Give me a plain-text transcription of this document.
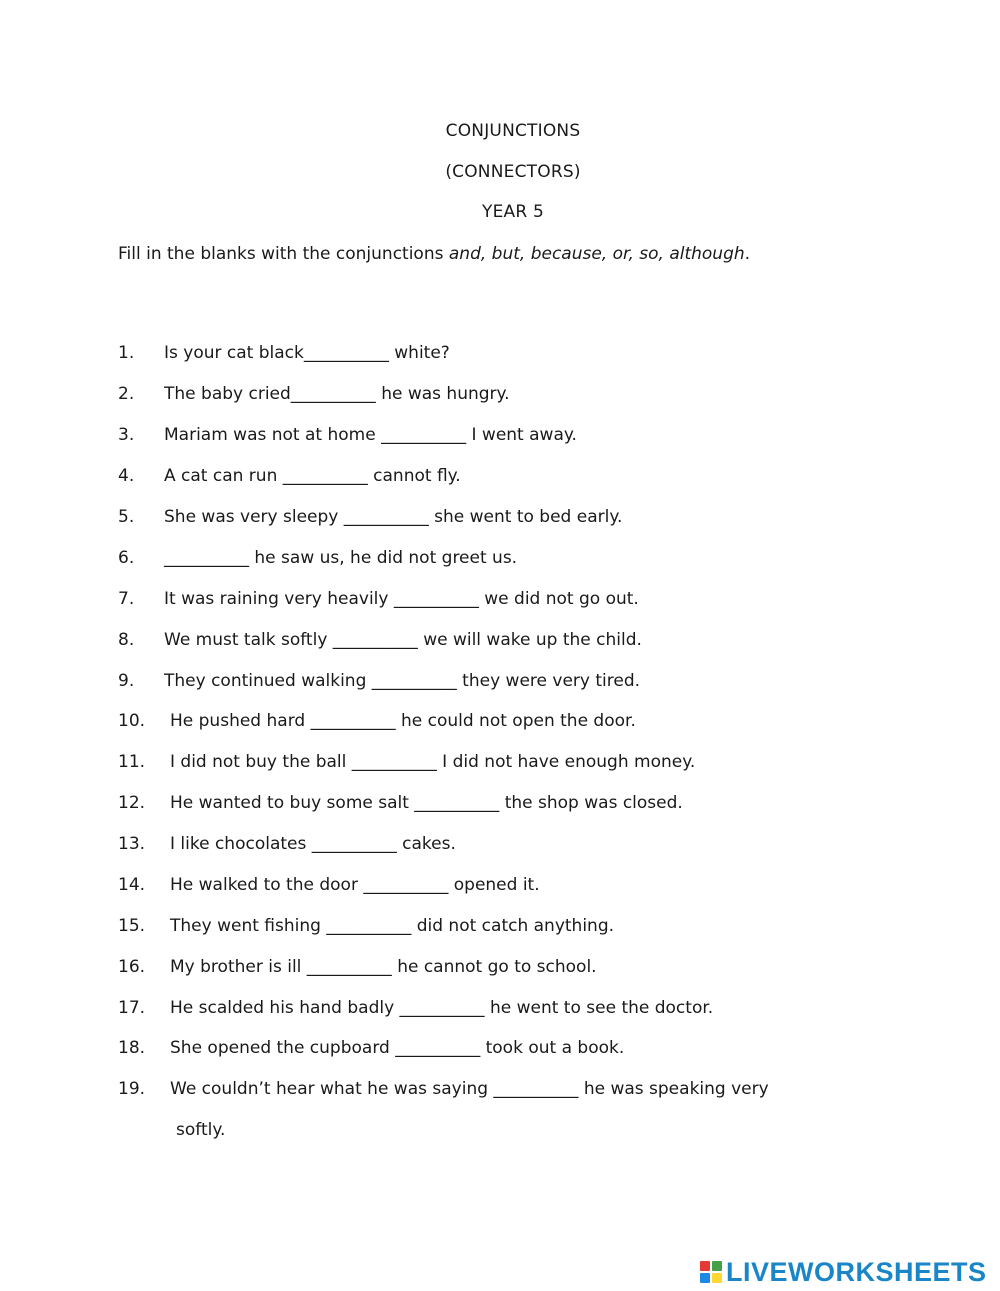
CONJUNCTIONS
(CONNECTORS)
YEAR 5
Fill in the blanks with the conjunctions and, but, because, or, so, although.
1. Is your cat black__________ white?
2. The baby cried__________ he was hungry.
3. Mariam was not at home __________ I went away.
4. A cat can run __________ cannot fly.
5. She was very sleepy __________ she went to bed early.
6. __________ he saw us, he did not greet us.
7. It was raining very heavily __________ we did not go out.
8. We must talk softly __________ we will wake up the child.
9. They continued walking __________ they were very tired.
10. He pushed hard __________ he could not open the door.
11. I did not buy the ball __________ I did not have enough money.
12. He wanted to buy some salt __________ the shop was closed.
13. I like chocolates __________ cakes.
14. He walked to the door __________ opened it.
15. They went fishing __________ did not catch anything.
16. My brother is ill __________ he cannot go to school.
17. He scalded his hand badly __________ he went to see the doctor.
18. She opened the cupboard __________ took out a book.
19. We couldn’t hear what he was saying __________ he was speaking very
softly.
LIVEWORKSHEETS
